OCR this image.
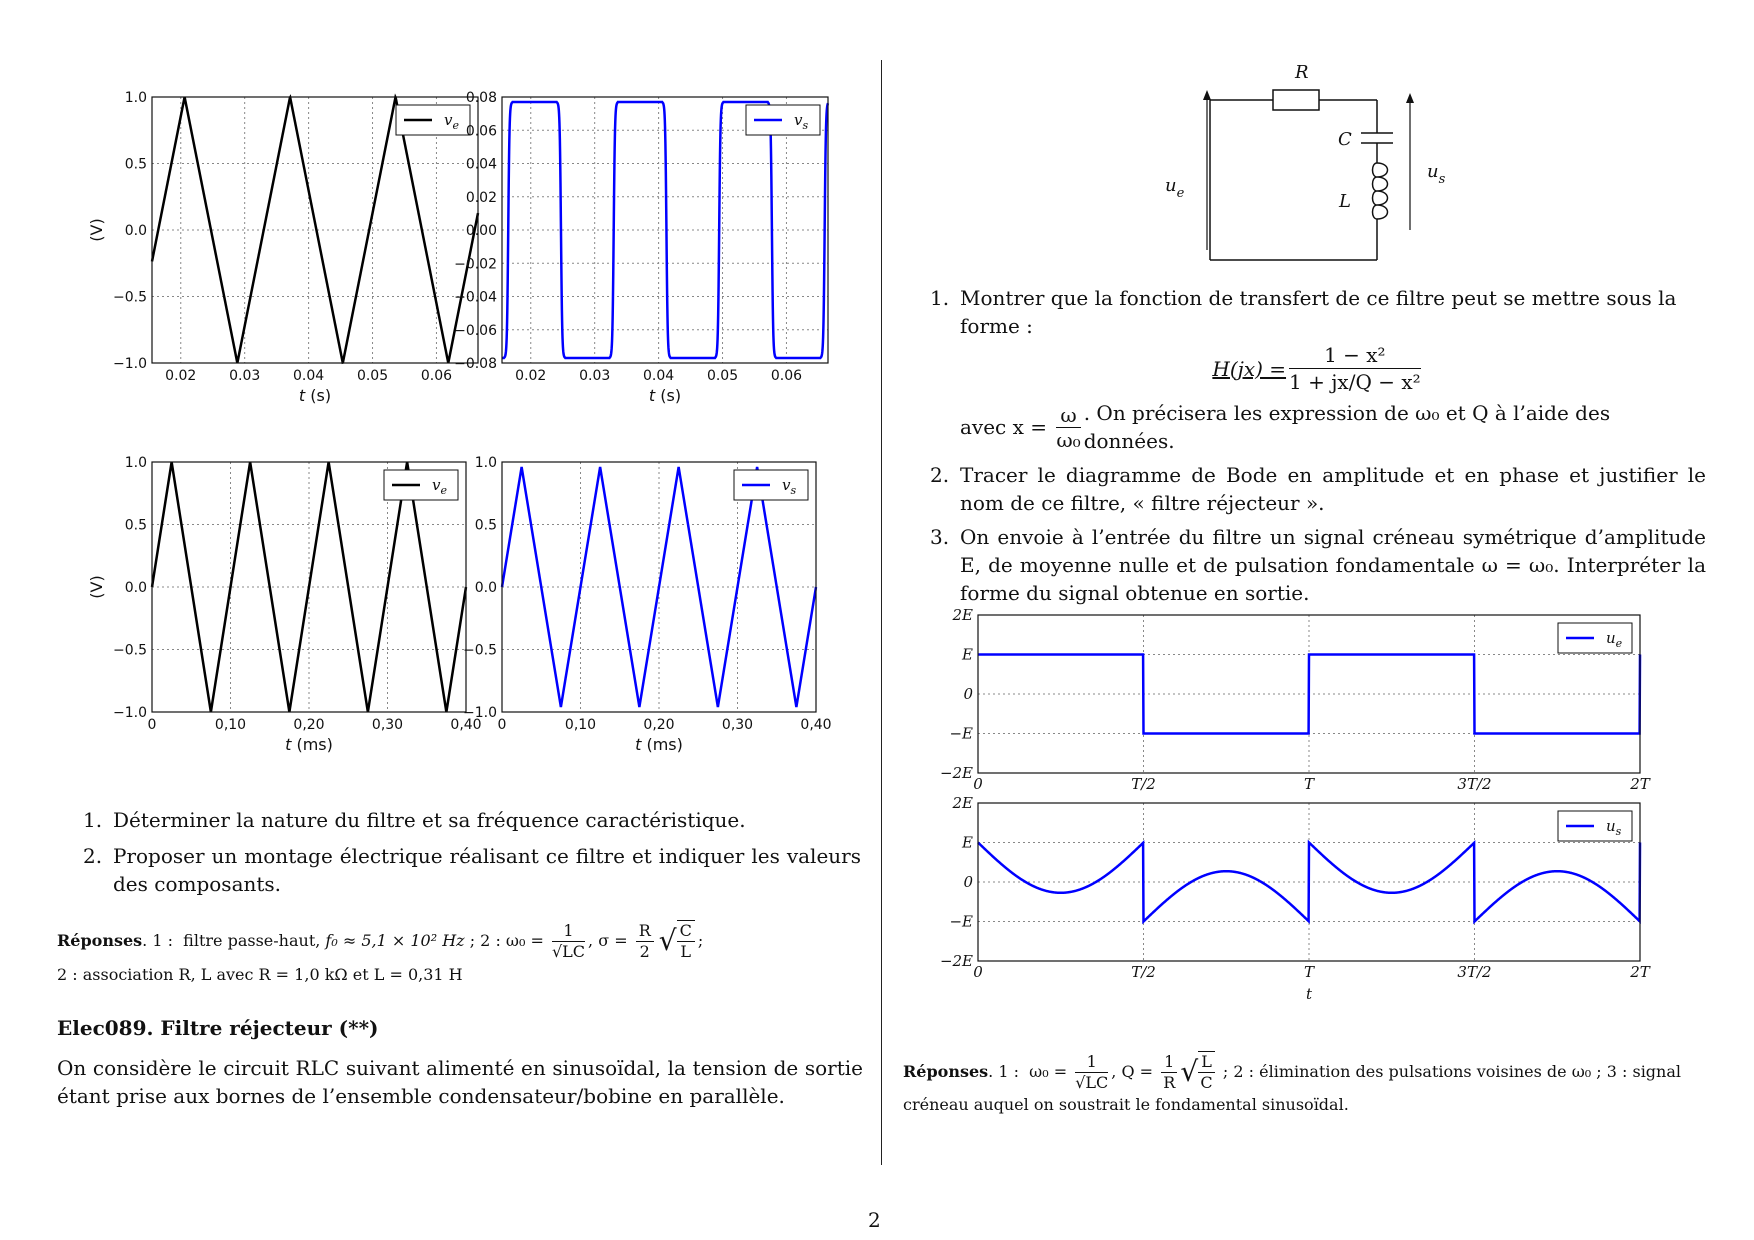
0.02 0.03 0.04 0.05 0.06
1.0
0.5
0.0
−0.5
−1.0
$v_e$
t (s)
(V)
0.02 0.03 0.04 0.05 0.06
0.08
0.06
0.04
0.02
0.00
−0.02
−0.04
−0.06
−0.08
$v_s$
t (s)
0	0,10	0,20	0,30	0,40
1.0
0.5
0.0
−0.5
−1.0
$v_e$
t (ms)
(V)
0	0,10	0,20	0,30	0,40
1.0
0.5
0.0
−0.5
−1.0
$v_s$
t (ms)
1. Déterminer la nature du filtre et sa fréquence caractéristique.
2. Proposer un montage électrique réalisant ce filtre et indiquer les valeurs des composants.
Réponses . 1 :  filtre passe-haut, f₀ ≈ 5,1 × 10² Hz ; 2 : $\omega_0 = \frac{1}{√LC}$ , $\sigma = \frac{R}{2}$ √ $\frac{C}{L}$ ;
2 : association R, L avec R = 1,0 kΩ et L = 0,31 H
Elec089. Filtre réjecteur (**)
On considère le circuit RLC suivant alimenté en sinusoïdal, la tension de sortie étant prise aux bornes de l’ensemble condensateur/bobine en parallèle.
R
C
L
$u_e$
$u_s$
1. Montrer que la fonction de transfert de ce filtre peut se mettre sous la forme :
$H(jx) = \frac{\text{1 − x²}}{\text{1 + jx/Q − x²}}$
avec $x = \frac{\omega}{\text{ω₀}}$ . On précisera les expression de ω₀ et Q à l’aide des données.
2. Tracer le diagramme de Bode en amplitude et en phase et justifier le nom de ce filtre, « filtre réjecteur ».
3. On envoie à l’entrée du filtre un signal créneau symétrique d’amplitude E, de moyenne nulle et de pulsation fondamentale ω = ω₀. Interpréter la forme du signal obtenue en sortie.
0	T/2	T	3T/2	2T
2E
E
0
−E
−2E
$u_e$
0	T/2	T	3T/2	2T
2E
E
0
−E
−2E
$u_s$
t
Réponses . 1 :  $\omega_0 = \frac{1}{√LC}$ , $Q = \frac{1}{R}$ √ $\frac{L}{C}$ ; 2 : élimination des pulsations voisines de ω₀ ; 3 : signal
créneau auquel on soustrait le fondamental sinusoïdal.
2
